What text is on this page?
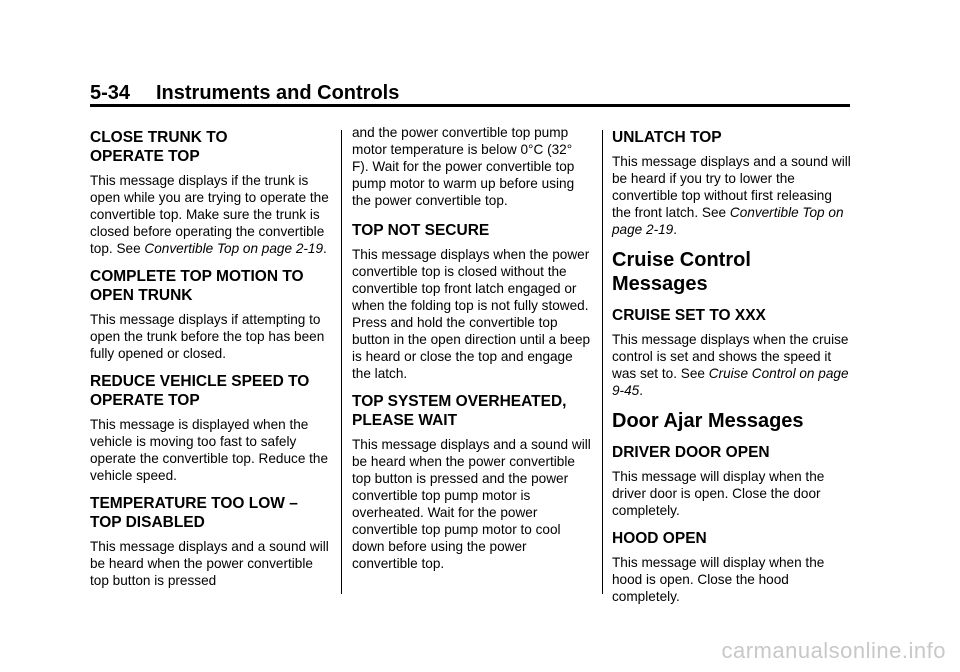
5-34 Instruments and Controls
CLOSE TRUNK TO
OPERATE TOP

This message displays if the trunk is open while you are trying to operate the convertible top. Make sure the trunk is closed before operating the convertible top. See Convertible Top on page 2-19.

COMPLETE TOP MOTION TO
OPEN TRUNK

This message displays if attempting to open the trunk before the top has been fully opened or closed.

REDUCE VEHICLE SPEED TO
OPERATE TOP

This message is displayed when the vehicle is moving too fast to safely operate the convertible top. Reduce the vehicle speed.

TEMPERATURE TOO LOW –
TOP DISABLED

This message displays and a sound will be heard when the power convertible top button is pressed

and the power convertible top pump motor temperature is below 0°C (32° F). Wait for the power convertible top pump motor to warm up before using the power convertible top.

TOP NOT SECURE

This message displays when the power convertible top is closed without the convertible top front latch engaged or when the folding top is not fully stowed. Press and hold the convertible top button in the open direction until a beep is heard or close the top and engage the latch.

TOP SYSTEM OVERHEATED,
PLEASE WAIT

This message displays and a sound will be heard when the power convertible top button is pressed and the power convertible top pump motor is overheated. Wait for the power convertible top pump motor to cool down before using the power convertible top.

UNLATCH TOP

This message displays and a sound will be heard if you try to lower the convertible top without first releasing the front latch. See Convertible Top on page 2-19.

Cruise Control Messages
CRUISE SET TO XXX

This message displays when the cruise control is set and shows the speed it was set to. See Cruise Control on page 9-45.

Door Ajar Messages
DRIVER DOOR OPEN

This message will display when the driver door is open. Close the door completely.

HOOD OPEN

This message will display when the hood is open. Close the hood completely.

carmanualsonline.info
